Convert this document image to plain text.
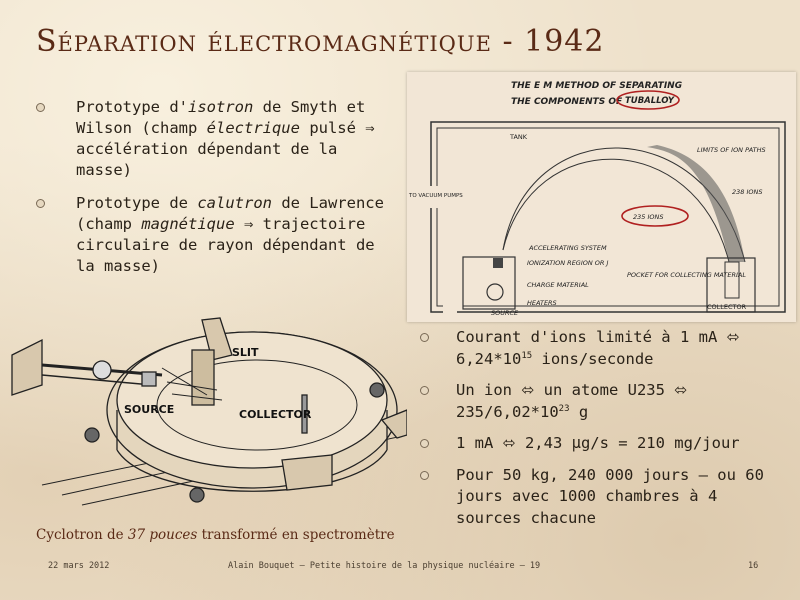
Séparation électromagnétique - 1942
Prototype d'isotron de Smyth et Wilson (champ électrique pulsé ⇒ accélération dépendant de la masse)
Prototype de calutron de Lawrence (champ magnétique ⇒ trajectoire circulaire de rayon dépendant de la masse)
THE E M METHOD OF SEPARATING
THE COMPONENTS OF TUBALLOY
TANK
TO VACUUM PUMPS
LIMITS OF ION PATHS
238 IONS
235 IONS
ACCELERATING SYSTEM
IONIZATION REGION OR J
CHARGE MATERIAL
HEATERS
SOURCE
POCKET FOR COLLECTING MATERIAL
COLLECTOR
SLIT
SOURCE	COLLECTOR
Cyclotron de 37 pouces transformé en spectromètre
Courant d'ions limité à 1 mA ⬄ $6,24*10^{15}$ ions/seconde
Un ion ⬄ un atome U235 ⬄ $235/6,02*10^{23}$ g
1 mA ⬄ 2,43 μg/s = 210 mg/jour
Pour 50 kg, 240 000 jours — ou 60 jours avec 1000 chambres à 4 sources chacune
22 mars 2012	Alain Bouquet — Petite histoire de la physique nucléaire — 19	16
